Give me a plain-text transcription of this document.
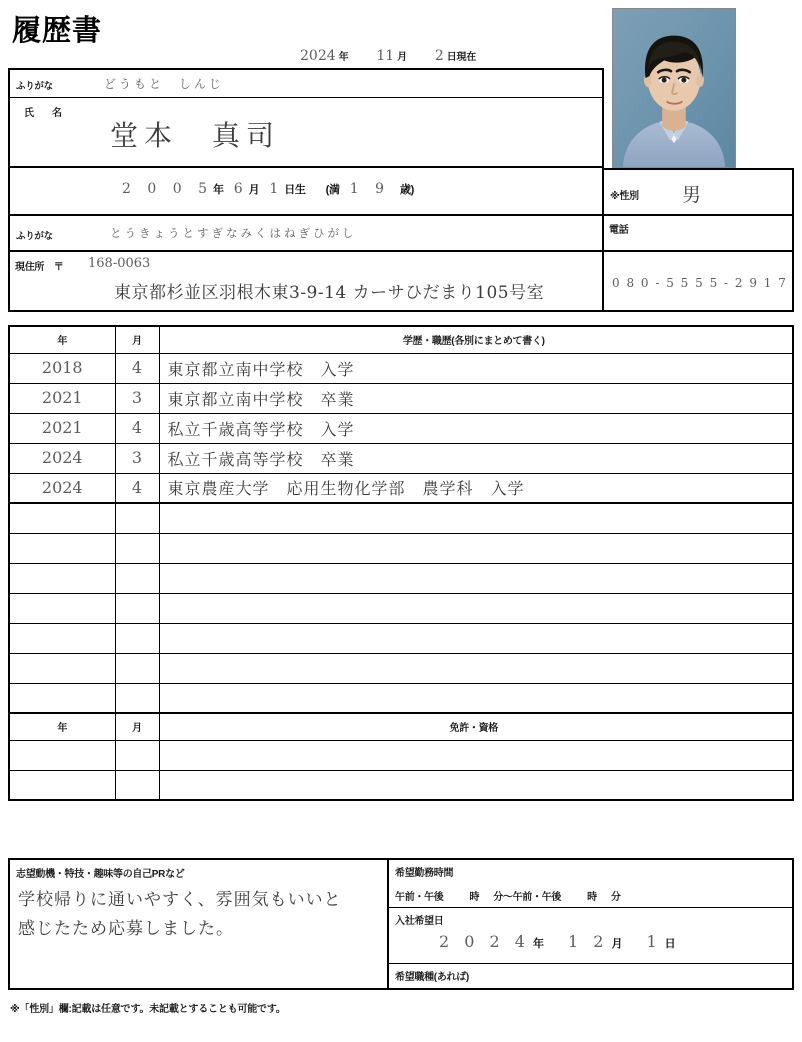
履歴書
2024 年 11 月 2 日現在
ふりがな	どうもと　しんじ
氏　名
堂本　真司
2 0 0 5 年 6 月 1 日生 (満 1 9 歳)
※性別 男
ふりがな	とうきょうとすぎなみくはねぎひがし	電話
現住所　〒 168-0063
東京都杉並区羽根木東3-9-14 カーサひだまり105号室	0 8 0 - 5 5 5 5 - 2 9 1 7
年	月	学歴・職歴(各別にまとめて書く)
2018	4	東京都立南中学校　入学
2021	3	東京都立南中学校　卒業
2021	4	私立千歳高等学校　入学
2024	3	私立千歳高等学校　卒業
2024	4	東京農産大学　応用生物化学部　農学科　入学

年	月	免許・資格

志望動機・特技・趣味等の自己PRなど
学校帰りに通いやすく、雰囲気もいいと
感じたため応募しました。
希望勤務時間
午前・午後	時 分〜午前・午後	時 分
入社希望日
2 0 2 4 年 1 2 月 1 日
希望職種(あれば)
※「性別」欄:記載は任意です。未記載とすることも可能です。
